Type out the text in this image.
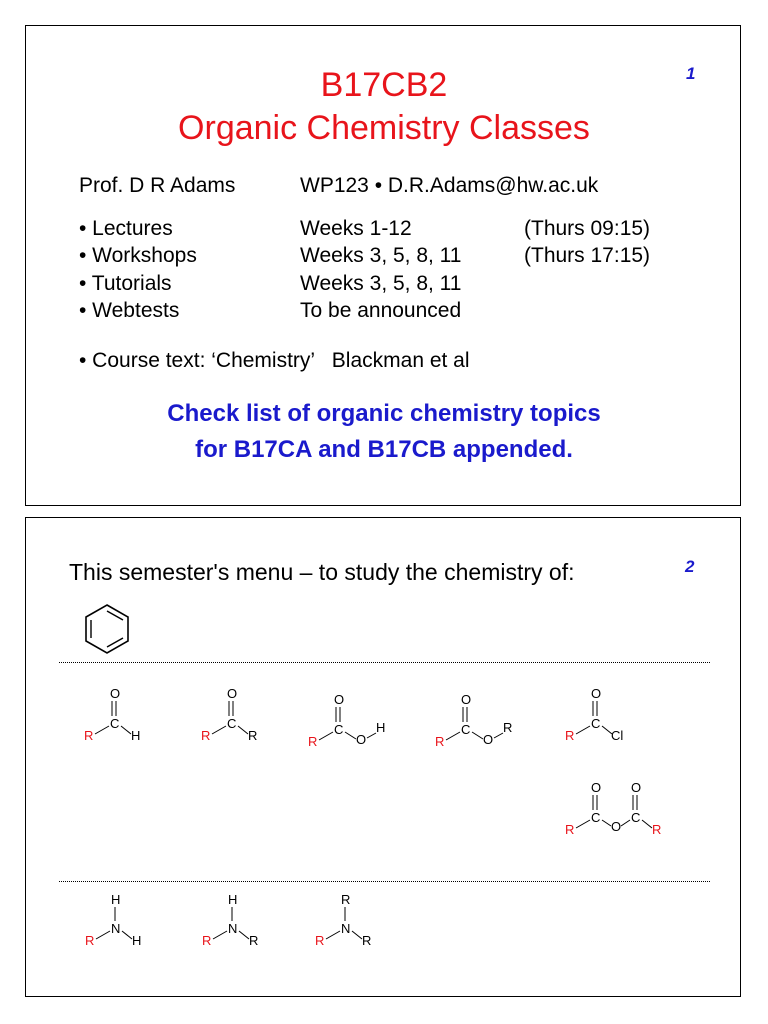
1
B17CB2
Organic Chemistry Classes
Prof. D R Adams	WP123 • D.R.Adams@hw.ac.uk
• Lectures	Weeks 1-12	(Thurs 09:15)
• Workshops	Weeks 3, 5, 8, 11	(Thurs 17:15)
• Tutorials	Weeks 3, 5, 8, 11
• Webtests	To be announced
• Course text: ‘Chemistry’   Blackman et al
Check list of organic chemistry topics
for B17CA and B17CB appended.
2
This semester's menu – to study the chemistry of:
O
C
R	H
O
C
R	R
O
C
R	O
H
O
C
R	O
R
O
C
R	Cl
O
C
R	O
O
C
R
H
N
R	H
H
N
R	R
R
N
R	R
